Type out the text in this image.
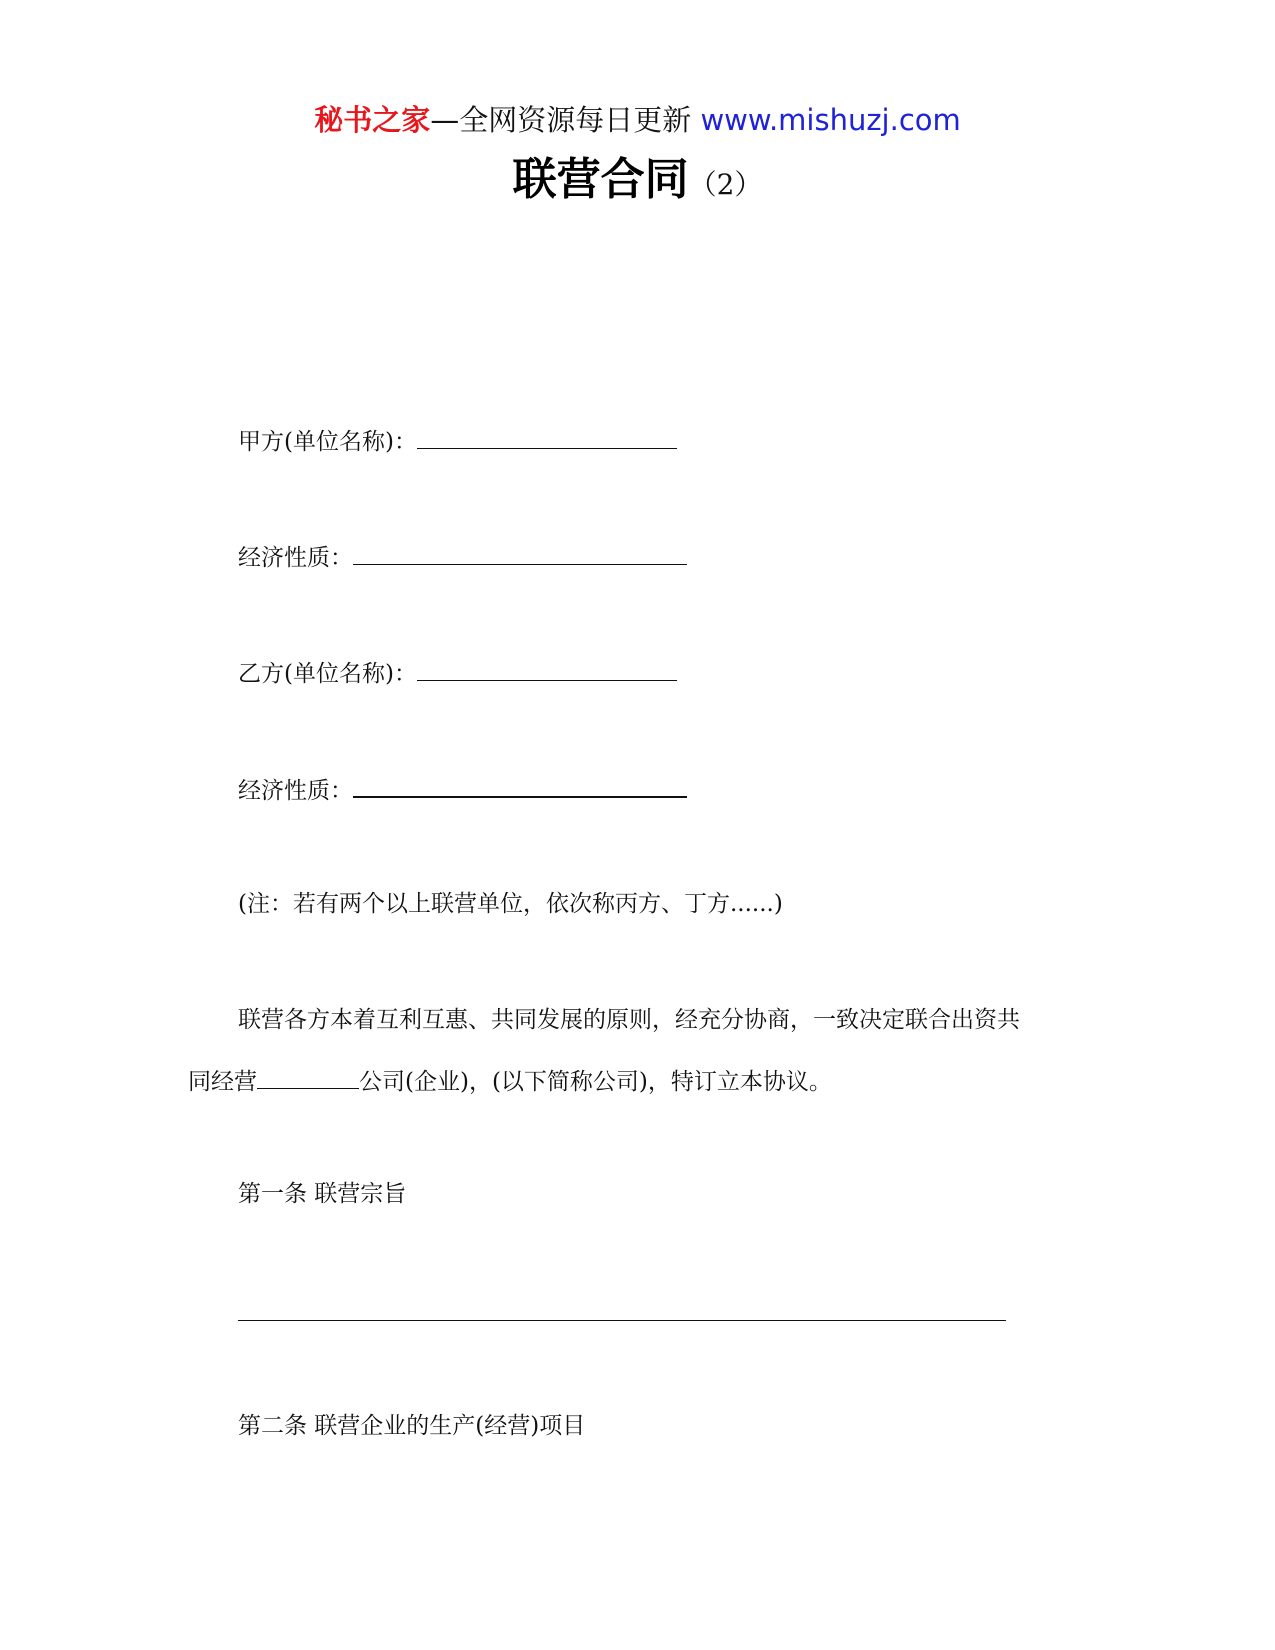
秘书之家—全网资源每日更新 www.mishuzj.com
联营合同（2）
甲方(单位名称)：
经济性质：
乙方(单位名称)：
经济性质：
(注：若有两个以上联营单位，依次称丙方、丁方......)
联营各方本着互利互惠、共同发展的原则，经充分协商，一致决定联合出资共
同经营	公司(企业)，(以下简称公司)，特订立本协议。
第一条 联营宗旨
第二条 联营企业的生产(经营)项目
